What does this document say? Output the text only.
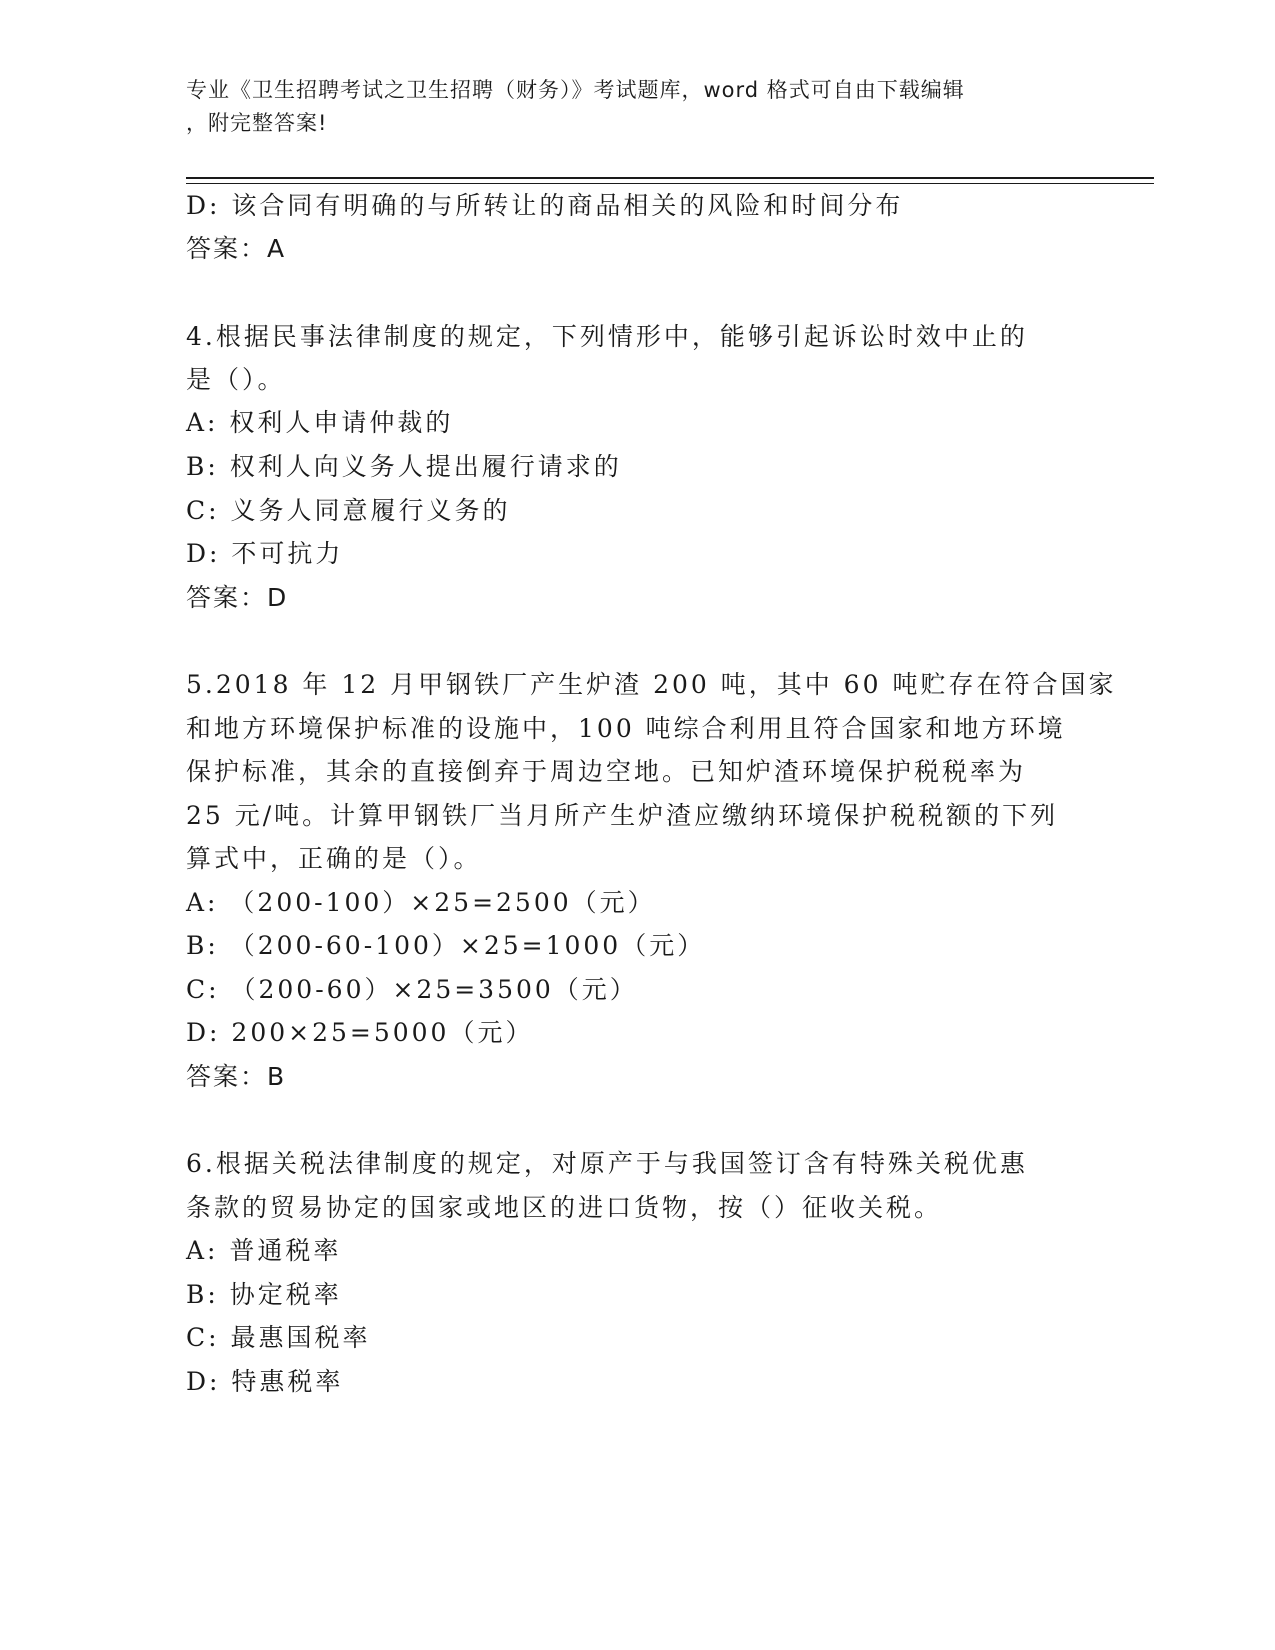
专业《卫生招聘考试之卫生招聘（财务）》考试题库，word 格式可自由下载编辑
，附完整答案!
D: 该合同有明确的与所转让的商品相关的风险和时间分布
答案：A
4.根据民事法律制度的规定，下列情形中，能够引起诉讼时效中止的
是（）。
A: 权利人申请仲裁的
B: 权利人向义务人提出履行请求的
C: 义务人同意履行义务的
D: 不可抗力
答案：D
5.2018 年 12 月甲钢铁厂产生炉渣 200 吨，其中 60 吨贮存在符合国家
和地方环境保护标准的设施中，100 吨综合利用且符合国家和地方环境
保护标准，其余的直接倒弃于周边空地。已知炉渣环境保护税税率为
25 元/吨。计算甲钢铁厂当月所产生炉渣应缴纳环境保护税税额的下列
算式中，正确的是（）。
A: （200-100）×25=2500（元）
B: （200-60-100）×25=1000（元）
C: （200-60）×25=3500（元）
D: 200×25=5000（元）
答案：B
6.根据关税法律制度的规定，对原产于与我国签订含有特殊关税优惠
条款的贸易协定的国家或地区的进口货物，按（）征收关税。
A: 普通税率
B: 协定税率
C: 最惠国税率
D: 特惠税率
